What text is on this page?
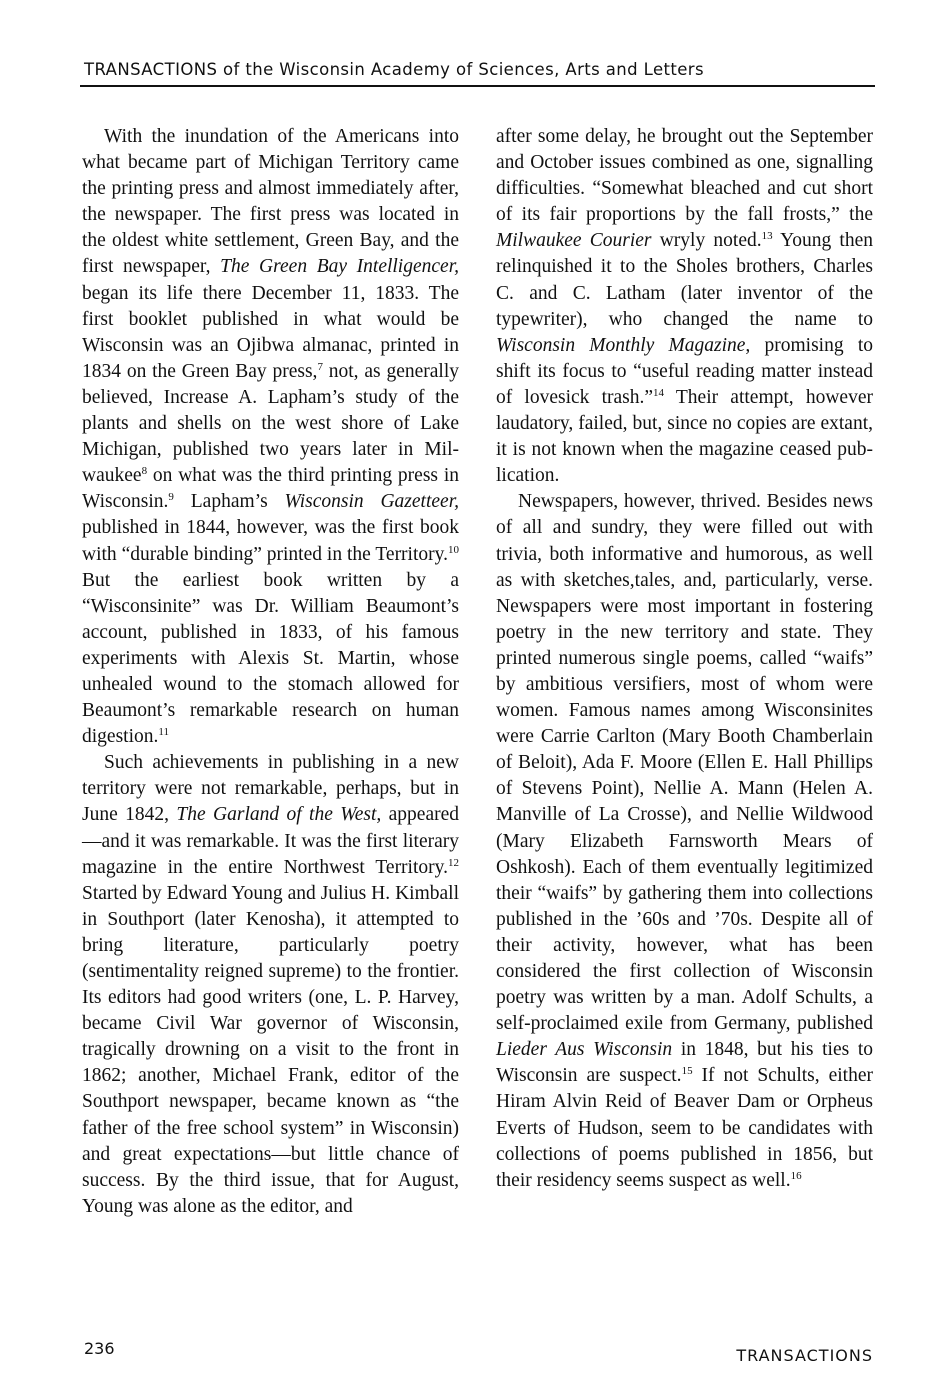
TRANSACTIONS of the Wisconsin Academy of Sciences, Arts and Letters

With the inundation of the Americans into what became part of Michigan Territory came the printing press and almost immediately after, the newspaper. The first press was located in the oldest white settlement, Green Bay, and the first newspaper, The Green Bay Intelligencer, began its life there December 11, 1833. The first booklet published in what would be Wisconsin was an Ojibwa almanac, printed in 1834 on the Green Bay press,$^7$ not, as generally believed, Increase A. Lapham’s study of the plants and shells on the west shore of Lake Michigan, published two years later in Milwaukee$^8$ on what was the third printing press in Wisconsin.$^9$ Lapham’s Wisconsin Gazetteer, published in 1844, however, was the first book with “durable binding” printed in the Territory.$^{10}$ But the earliest book written by a “Wisconsinite” was Dr. William Beaumont’s account, published in 1833, of his famous experiments with Alexis St. Martin, whose unhealed wound to the stomach allowed for Beaumont’s remarkable research on human digestion.$^{11}$

Such achievements in publishing in a new territory were not remarkable, perhaps, but in June 1842, The Garland of the West, appeared—and it was remarkable. It was the first literary magazine in the entire Northwest Territory.$^{12}$ Started by Edward Young and Julius H. Kimball in Southport (later Kenosha), it attempted to bring literature, particularly poetry (sentimentality reigned supreme) to the frontier. Its editors had good writers (one, L. P. Harvey, became Civil War governor of Wisconsin, tragically drowning on a visit to the front in 1862; another, Michael Frank, editor of the Southport newspaper, became known as “the father of the free school system” in Wisconsin) and great expectations—but little chance of success. By the third issue, that for August, Young was alone as the editor, and

after some delay, he brought out the September and October issues combined as one, signalling difficulties. “Somewhat bleached and cut short of its fair proportions by the fall frosts,” the Milwaukee Courier wryly noted.$^{13}$ Young then relinquished it to the Sholes brothers, Charles C. and C. Latham (later inventor of the typewriter), who changed the name to Wisconsin Monthly Magazine, promising to shift its focus to “useful reading matter instead of lovesick trash.”$^{14}$ Their attempt, however laudatory, failed, but, since no copies are extant, it is not known when the magazine ceased publication.

Newspapers, however, thrived. Besides news of all and sundry, they were filled out with trivia, both informative and humorous, as well as with sketches,tales, and, particularly, verse. Newspapers were most important in fostering poetry in the new territory and state. They printed numerous single poems, called “waifs” by ambitious versifiers, most of whom were women. Famous names among Wisconsinites were Carrie Carlton (Mary Booth Chamberlain of Beloit), Ada F. Moore (Ellen E. Hall Phillips of Stevens Point), Nellie A. Mann (Helen A. Manville of La Crosse), and Nellie Wildwood (Mary Elizabeth Farnsworth Mears of Oshkosh). Each of them eventually legitimized their “waifs” by gathering them into collections published in the ’60s and ’70s. Despite all of their activity, however, what has been considered the first collection of Wisconsin poetry was written by a man. Adolf Schults, a self-proclaimed exile from Germany, published Lieder Aus Wisconsin in 1848, but his ties to Wisconsin are suspect.$^{15}$ If not Schults, either Hiram Alvin Reid of Beaver Dam or Orpheus Everts of Hudson, seem to be candidates with collections of poems published in 1856, but their residency seems suspect as well.$^{16}$

236	TRANSACTIONS
